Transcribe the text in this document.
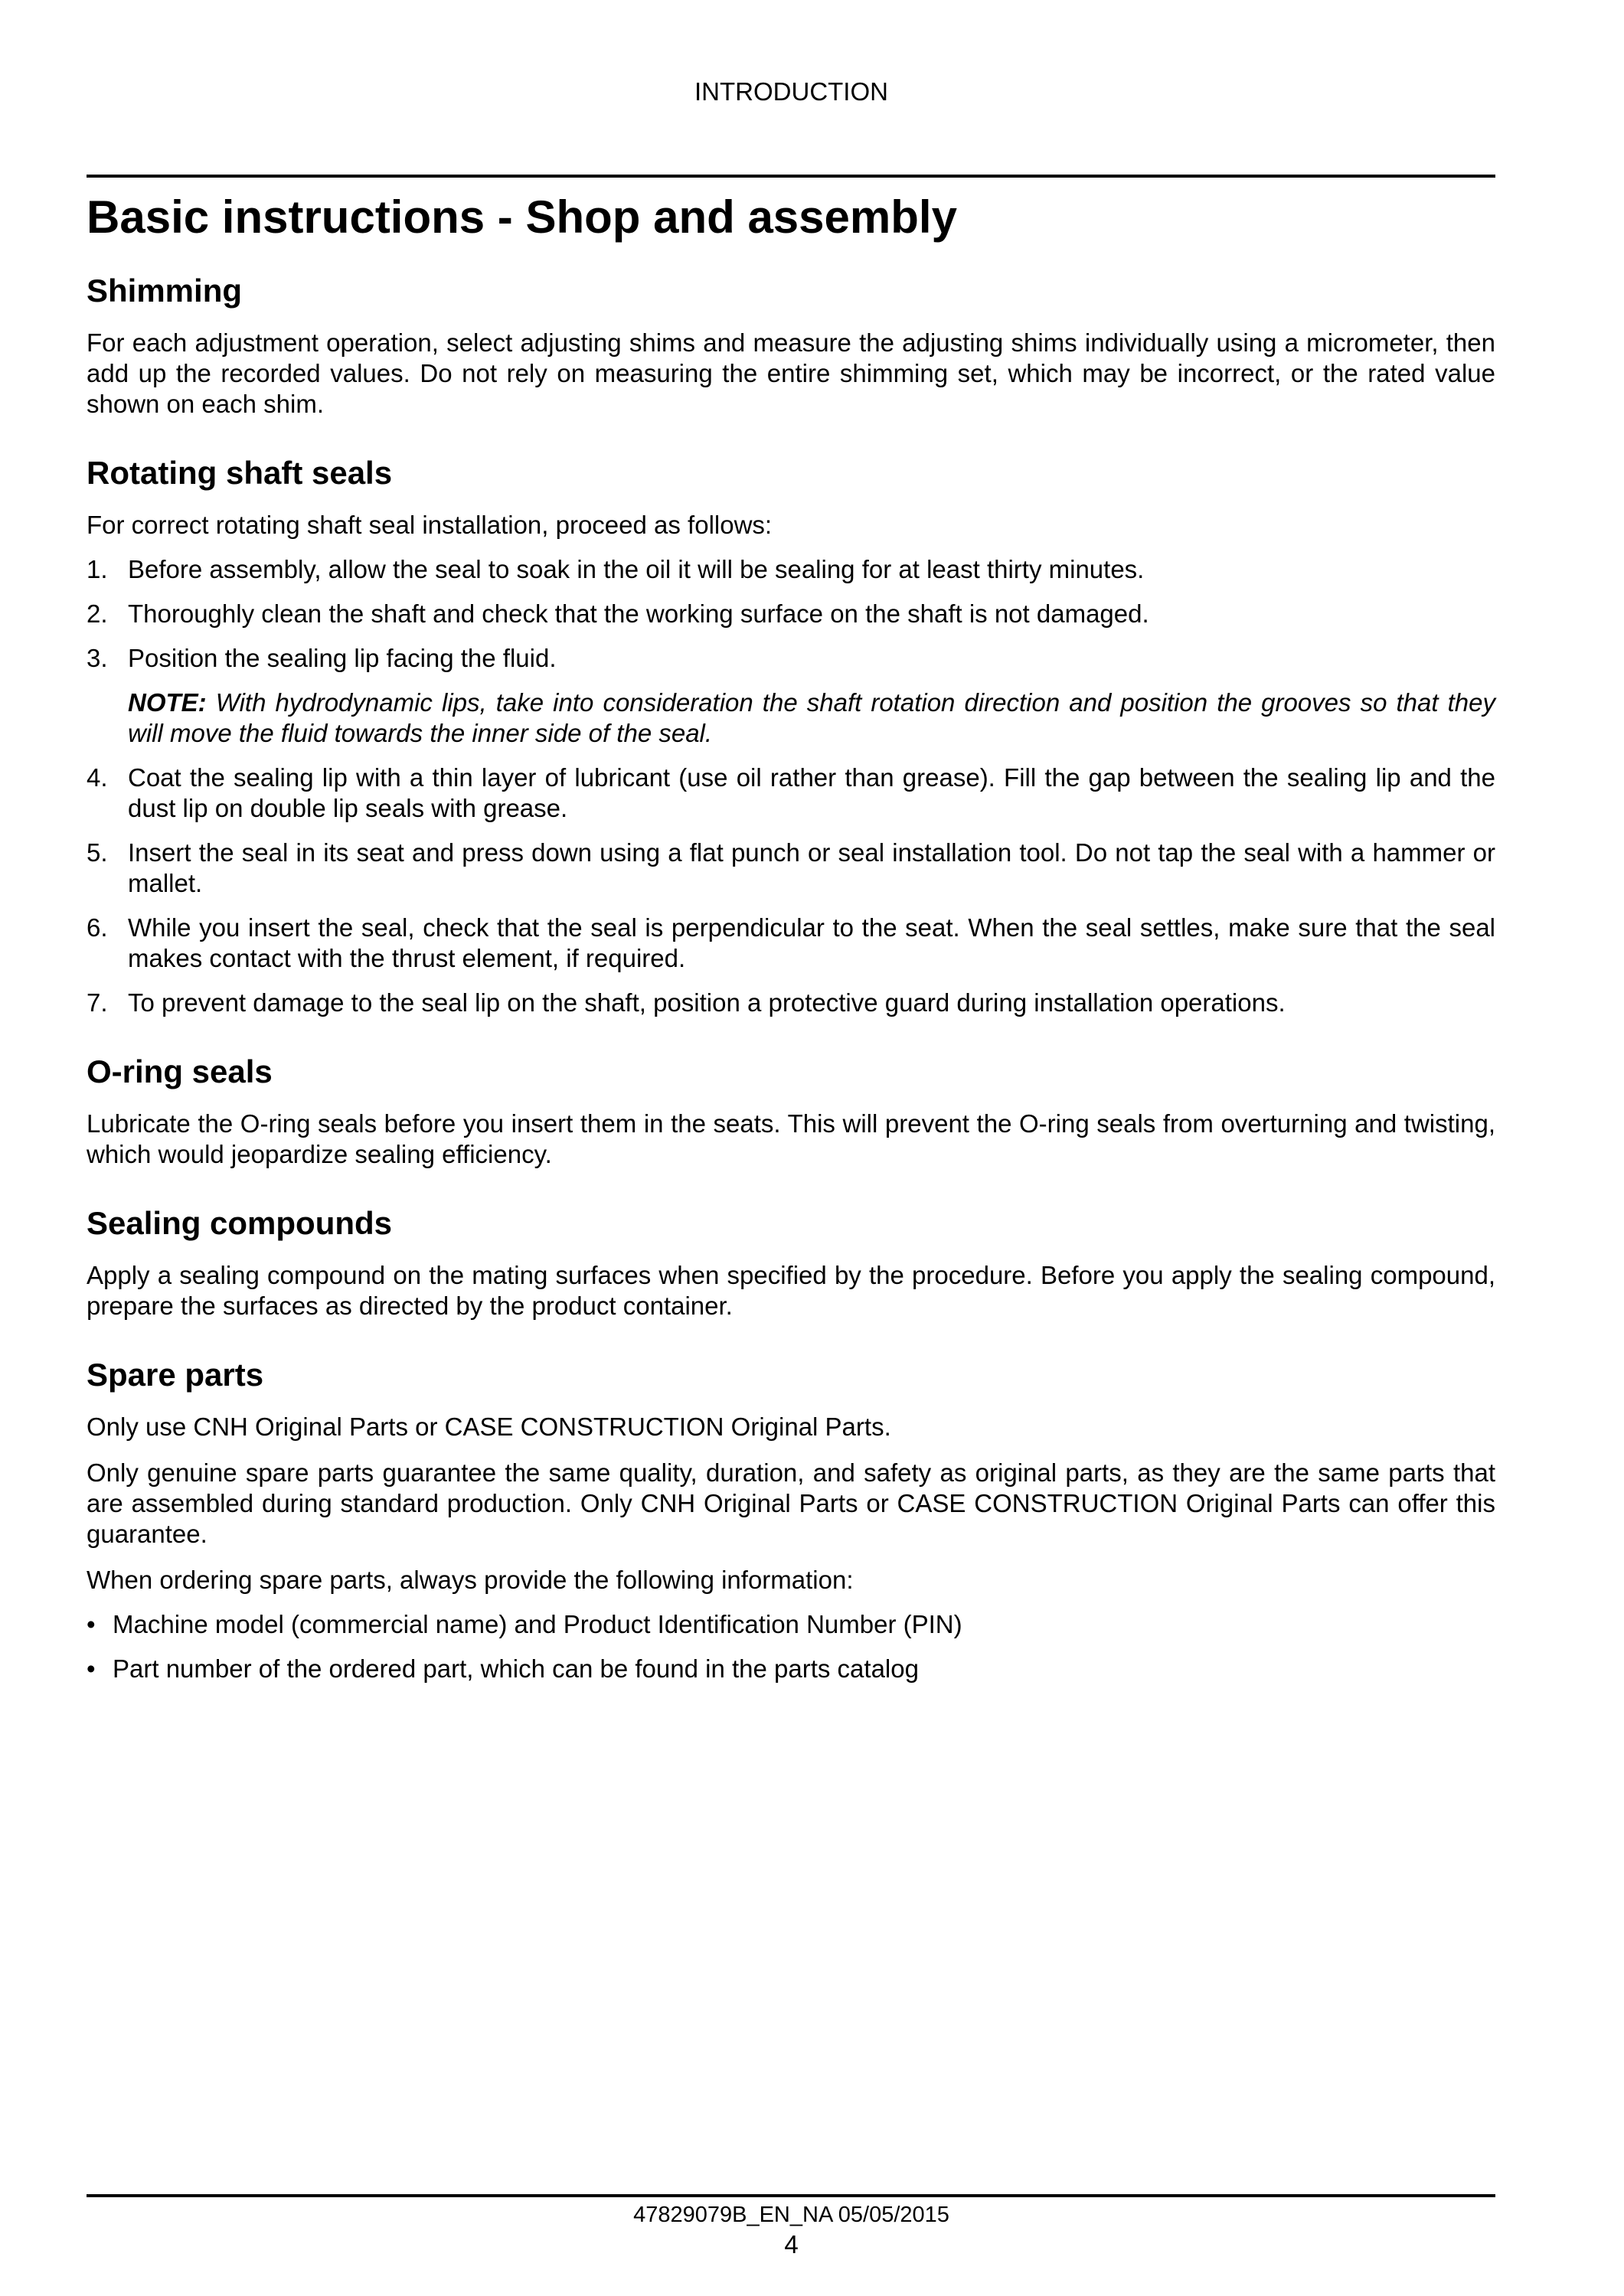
INTRODUCTION
Basic instructions - Shop and assembly
Shimming

For each adjustment operation, select adjusting shims and measure the adjusting shims individually using a micrometer, then add up the recorded values. Do not rely on measuring the entire shimming set, which may be incorrect, or the rated value shown on each shim.

Rotating shaft seals

For correct rotating shaft seal installation, proceed as follows:

1. Before assembly, allow the seal to soak in the oil it will be sealing for at least thirty minutes.
2. Thoroughly clean the shaft and check that the working surface on the shaft is not damaged.
3. Position the sealing lip facing the fluid.
NOTE: With hydrodynamic lips, take into consideration the shaft rotation direction and position the grooves so that they will move the fluid towards the inner side of the seal.
4. Coat the sealing lip with a thin layer of lubricant (use oil rather than grease). Fill the gap between the sealing lip and the dust lip on double lip seals with grease.
5. Insert the seal in its seat and press down using a flat punch or seal installation tool. Do not tap the seal with a hammer or mallet.
6. While you insert the seal, check that the seal is perpendicular to the seat. When the seal settles, make sure that the seal makes contact with the thrust element, if required.
7. To prevent damage to the seal lip on the shaft, position a protective guard during installation operations.
O-ring seals

Lubricate the O-ring seals before you insert them in the seats. This will prevent the O-ring seals from overturning and twisting, which would jeopardize sealing efficiency.

Sealing compounds

Apply a sealing compound on the mating surfaces when specified by the procedure. Before you apply the sealing compound, prepare the surfaces as directed by the product container.

Spare parts

Only use CNH Original Parts or CASE CONSTRUCTION Original Parts.

Only genuine spare parts guarantee the same quality, duration, and safety as original parts, as they are the same parts that are assembled during standard production. Only CNH Original Parts or CASE CONSTRUCTION Original Parts can offer this guarantee.

When ordering spare parts, always provide the following information:

• Machine model (commercial name) and Product Identification Number (PIN)
• Part number of the ordered part, which can be found in the parts catalog
47829079B_EN_NA 05/05/2015
4
